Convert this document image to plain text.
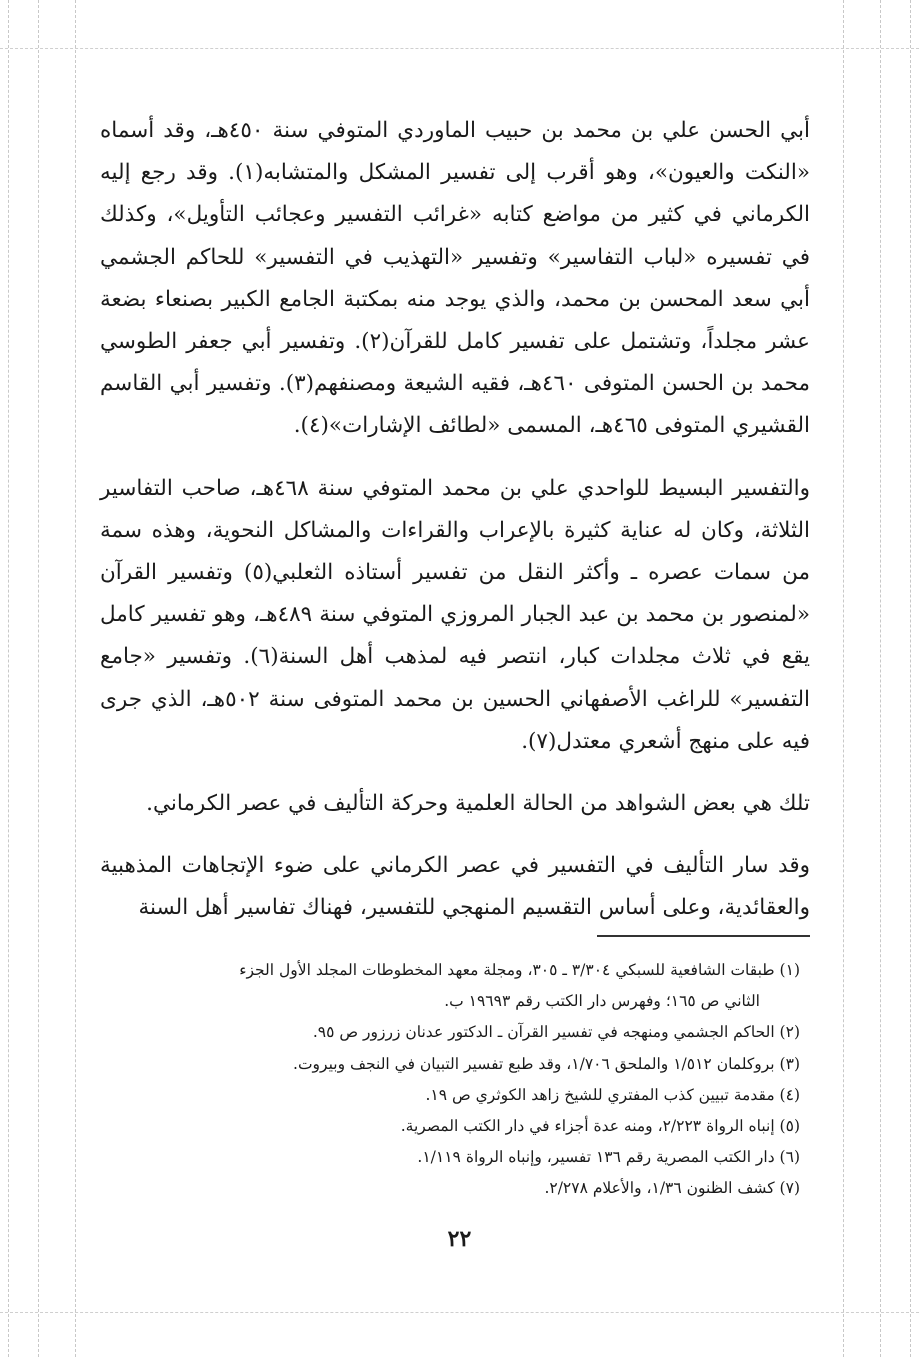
أبي الحسن علي بن محمد بن حبيب الماوردي المتوفي سنة ٤٥٠هـ، وقد أسماه «النكت والعيون»، وهو أقرب إلى تفسير المشكل والمتشابه(١). وقد رجع إليه الكرماني في كثير من مواضع كتابه «غرائب التفسير وعجائب التأويل»، وكذلك في تفسيره «لباب التفاسير» وتفسير «التهذيب في التفسير» للحاكم الجشمي أبي سعد المحسن بن محمد، والذي يوجد منه بمكتبة الجامع الكبير بصنعاء بضعة عشر مجلداً، وتشتمل على تفسير كامل للقرآن(٢). وتفسير أبي جعفر الطوسي محمد بن الحسن المتوفى ٤٦٠هـ، فقيه الشيعة ومصنفهم(٣). وتفسير أبي القاسم القشيري المتوفى ٤٦٥هـ، المسمى «لطائف الإشارات»(٤).

والتفسير البسيط للواحدي علي بن محمد المتوفي سنة ٤٦٨هـ، صاحب التفاسير الثلاثة، وكان له عناية كثيرة بالإعراب والقراءات والمشاكل النحوية، وهذه سمة من سمات عصره ـ وأكثر النقل من تفسير أستاذه الثعلبي(٥) وتفسير القرآن «لمنصور بن محمد بن عبد الجبار المروزي المتوفي سنة ٤٨٩هـ، وهو تفسير كامل يقع في ثلاث مجلدات كبار، انتصر فيه لمذهب أهل السنة(٦). وتفسير «جامع التفسير» للراغب الأصفهاني الحسين بن محمد المتوفى سنة ٥٠٢هـ، الذي جرى فيه على منهج أشعري معتدل(٧).

تلك هي بعض الشواهد من الحالة العلمية وحركة التأليف في عصر الكرماني.

وقد سار التأليف في التفسير في عصر الكرماني على ضوء الإتجاهات المذهبية والعقائدية، وعلى أساس التقسيم المنهجي للتفسير، فهناك تفاسير أهل السنة

(١) طبقات الشافعية للسبكي ٣/٣٠٤ ـ ٣٠٥، ومجلة معهد المخطوطات المجلد الأول الجزء

الثاني ص ١٦٥؛ وفهرس دار الكتب رقم ١٩٦٩٣ ب.

(٢) الحاكم الجشمي ومنهجه في تفسير القرآن ـ الدكتور عدنان زرزور ص ٩٥.

(٣) بروكلمان ١/٥١٢ والملحق ١/٧٠٦، وقد طبع تفسير التبيان في النجف وبيروت.

(٤) مقدمة تبيين كذب المفتري للشيخ زاهد الكوثري ص ١٩.

(٥) إنباه الرواة ٢/٢٢٣، ومنه عدة أجزاء في دار الكتب المصرية.

(٦) دار الكتب المصرية رقم ١٣٦ تفسير، وإنباه الرواة ١/١١٩.

(٧) كشف الظنون ١/٣٦، والأعلام ٢/٢٧٨.

٢٢
